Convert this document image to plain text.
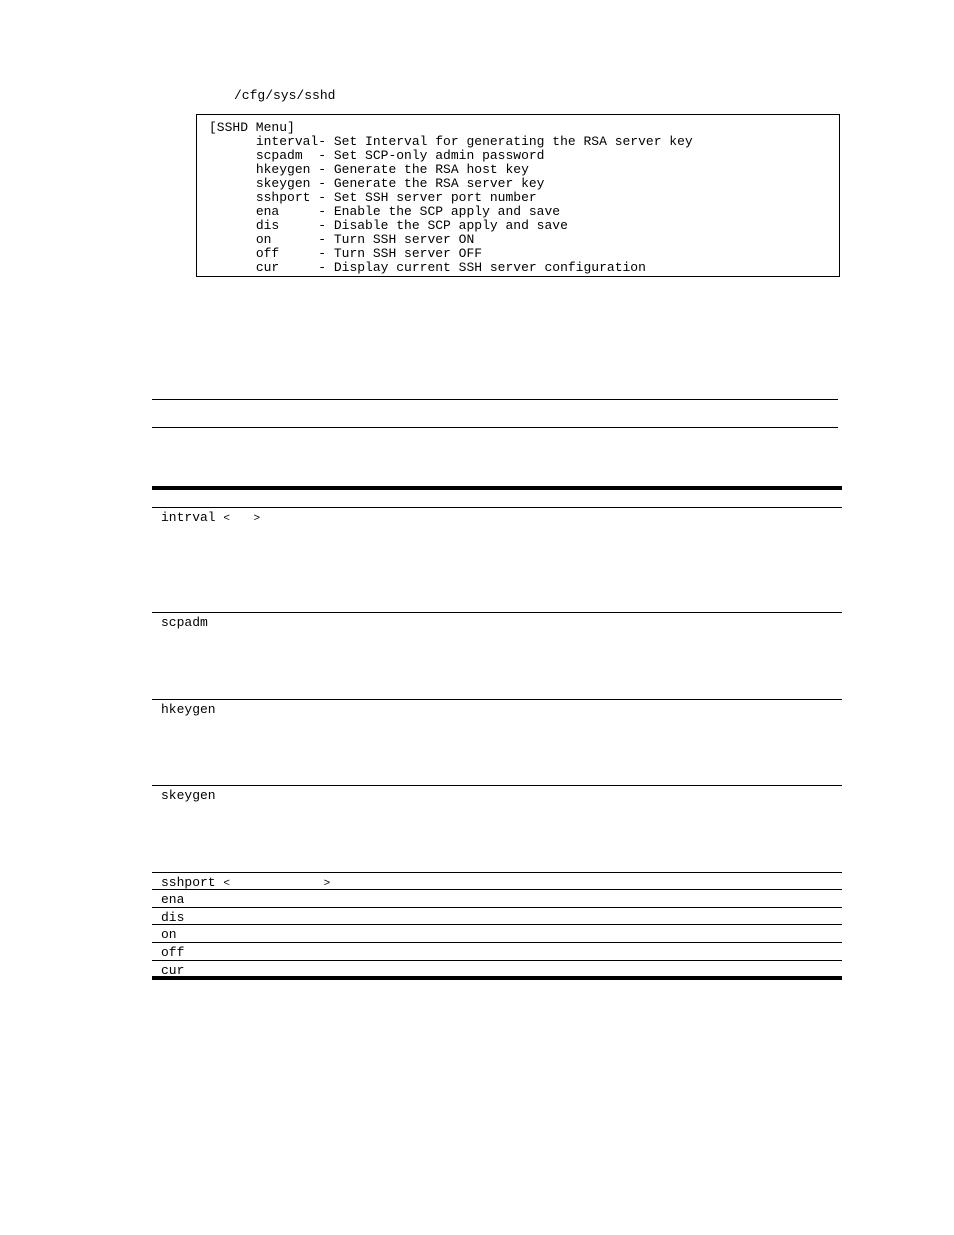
/cfg/sys/sshd
[SSHD Menu]
interval- Set Interval for generating the RSA server key
scpadm  - Set SCP-only admin password
hkeygen - Generate the RSA host key
skeygen - Generate the RSA server key
sshport - Set SSH server port number
ena     - Enable the SCP apply and save
dis     - Disable the SCP apply and save
on      - Turn SSH server ON
off     - Turn SSH server OFF
cur     - Display current SSH server configuration
intrval < >
scpadm
hkeygen
skeygen
sshport <	>
ena
dis
on
off
cur
